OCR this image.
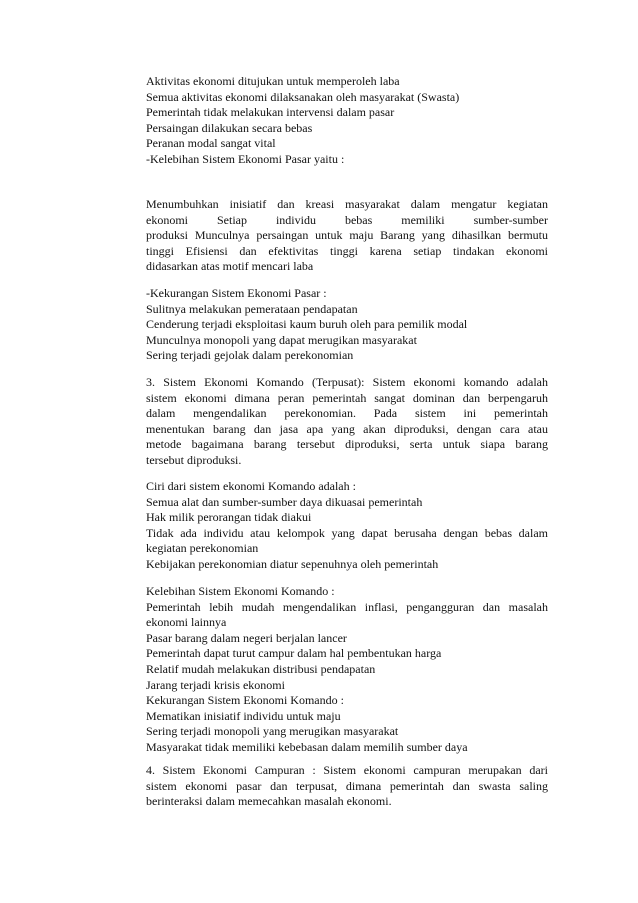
Aktivitas ekonomi ditujukan untuk memperoleh laba
Semua aktivitas ekonomi dilaksanakan oleh masyarakat (Swasta)
Pemerintah tidak melakukan intervensi dalam pasar
Persaingan dilakukan secara bebas
Peranan modal sangat vital
-Kelebihan Sistem Ekonomi Pasar yaitu :
Menumbuhkan inisiatif dan kreasi masyarakat dalam mengatur kegiatan
ekonomi Setiap individu bebas memiliki sumber-sumber
produksi Munculnya persaingan untuk maju Barang yang dihasilkan bermutu
tinggi Efisiensi dan efektivitas tinggi karena setiap tindakan ekonomi
didasarkan atas motif mencari laba
-Kekurangan Sistem Ekonomi Pasar :
Sulitnya melakukan pemerataan pendapatan
Cenderung terjadi eksploitasi kaum buruh oleh para pemilik modal
Munculnya monopoli yang dapat merugikan masyarakat
Sering terjadi gejolak dalam perekonomian
3. Sistem Ekonomi Komando (Terpusat): Sistem ekonomi komando adalah
sistem ekonomi dimana peran pemerintah sangat dominan dan berpengaruh
dalam mengendalikan perekonomian. Pada sistem ini pemerintah
menentukan barang dan jasa apa yang akan diproduksi, dengan cara atau
metode bagaimana barang tersebut diproduksi, serta untuk siapa barang
tersebut diproduksi.
Ciri dari sistem ekonomi Komando adalah :
Semua alat dan sumber-sumber daya dikuasai pemerintah
Hak milik perorangan tidak diakui
Tidak ada individu atau kelompok yang dapat berusaha dengan bebas dalam
kegiatan perekonomian
Kebijakan perekonomian diatur sepenuhnya oleh pemerintah
Kelebihan Sistem Ekonomi Komando :
Pemerintah lebih mudah mengendalikan inflasi, pengangguran dan masalah
ekonomi lainnya
Pasar barang dalam negeri berjalan lancer
Pemerintah dapat turut campur dalam hal pembentukan harga
Relatif mudah melakukan distribusi pendapatan
Jarang terjadi krisis ekonomi
Kekurangan Sistem Ekonomi Komando :
Mematikan inisiatif individu untuk maju
Sering terjadi monopoli yang merugikan masyarakat
Masyarakat tidak memiliki kebebasan dalam memilih sumber daya
4. Sistem Ekonomi Campuran : Sistem ekonomi campuran merupakan dari
sistem ekonomi pasar dan terpusat, dimana pemerintah dan swasta saling
berinteraksi dalam memecahkan masalah ekonomi.
